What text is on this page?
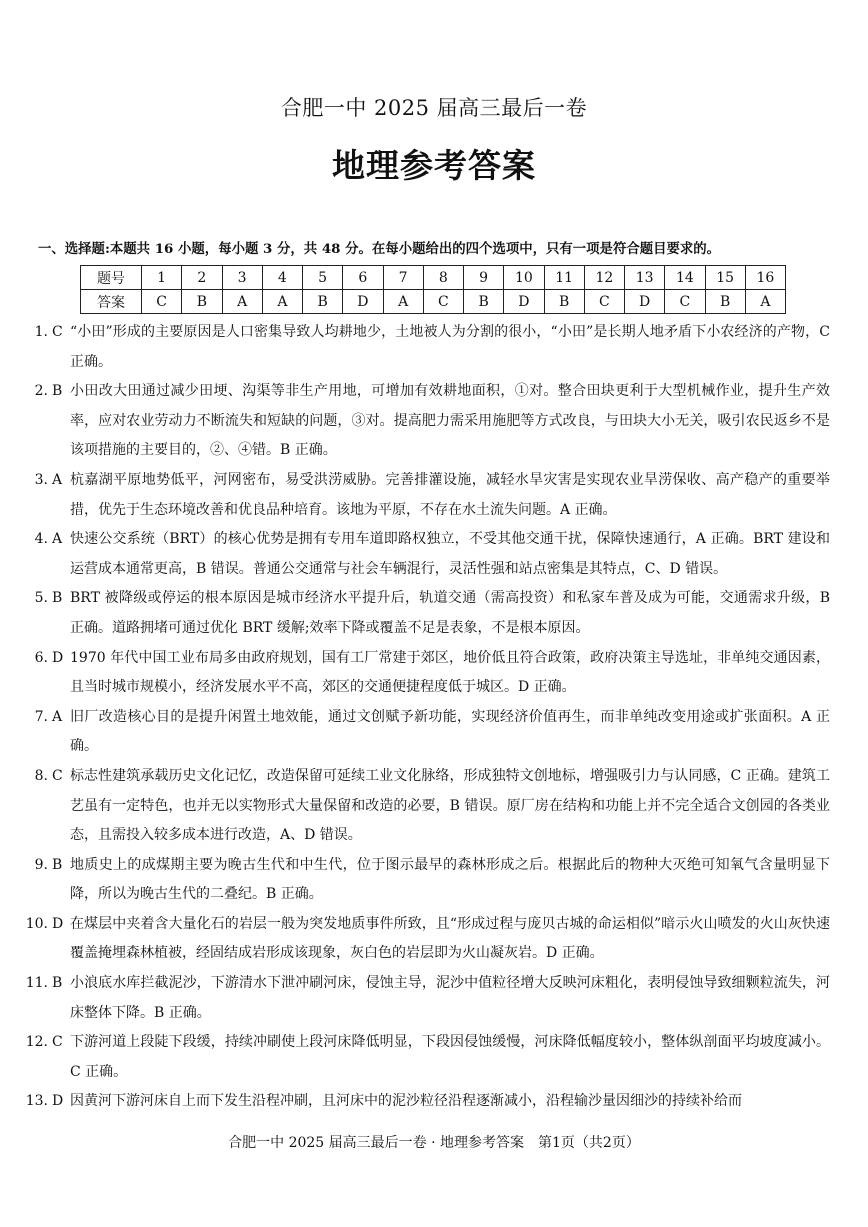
合肥一中 2025 届高三最后一卷
地理参考答案
一、选择题:本题共 16 小题，每小题 3 分，共 48 分。在每小题给出的四个选项中，只有一项是符合题目要求的。
题号	1	2	3	4	5	6	7	8	9	10	11	12	13	14	15	16
答案	C	B	A	A	B	D	A	C	B	D	B	C	D	C	B	A
1. C “小田”形成的主要原因是人口密集导致人均耕地少，土地被人为分割的很小，“小田”是长期人地矛盾下小农经济的产物，C 正确。
2. B 小田改大田通过减少田埂、沟渠等非生产用地，可增加有效耕地面积，①对。整合田块更利于大型机械作业，提升生产效率，应对农业劳动力不断流失和短缺的问题，③对。提高肥力需采用施肥等方式改良，与田块大小无关，吸引农民返乡不是该项措施的主要目的，②、④错。B 正确。
3. A 杭嘉湖平原地势低平，河网密布，易受洪涝威胁。完善排灌设施，减轻水旱灾害是实现农业旱涝保收、高产稳产的重要举措，优先于生态环境改善和优良品种培育。该地为平原，不存在水土流失问题。A 正确。
4. A 快速公交系统（BRT）的核心优势是拥有专用车道即路权独立，不受其他交通干扰，保障快速通行，A 正确。BRT 建设和运营成本通常更高，B 错误。普通公交通常与社会车辆混行，灵活性强和站点密集是其特点，C、D 错误。
5. B BRT 被降级或停运的根本原因是城市经济水平提升后，轨道交通（需高投资）和私家车普及成为可能，交通需求升级，B 正确。道路拥堵可通过优化 BRT 缓解;效率下降或覆盖不足是表象，不是根本原因。
6. D 1970 年代中国工业布局多由政府规划，国有工厂常建于郊区，地价低且符合政策，政府决策主导选址，非单纯交通因素，且当时城市规模小，经济发展水平不高，郊区的交通便捷程度低于城区。D 正确。
7. A 旧厂改造核心目的是提升闲置土地效能，通过文创赋予新功能，实现经济价值再生，而非单纯改变用途或扩张面积。A 正确。
8. C 标志性建筑承载历史文化记忆，改造保留可延续工业文化脉络，形成独特文创地标，增强吸引力与认同感，C 正确。建筑工艺虽有一定特色，也并无以实物形式大量保留和改造的必要，B 错误。原厂房在结构和功能上并不完全适合文创园的各类业态，且需投入较多成本进行改造，A、D 错误。
9. B 地质史上的成煤期主要为晚古生代和中生代，位于图示最早的森林形成之后。根据此后的物种大灭绝可知氧气含量明显下降，所以为晚古生代的二叠纪。B 正确。
10. D 在煤层中夹着含大量化石的岩层一般为突发地质事件所致，且“形成过程与庞贝古城的命运相似”暗示火山喷发的火山灰快速覆盖掩埋森林植被，经固结成岩形成该现象，灰白色的岩层即为火山凝灰岩。D 正确。
11. B 小浪底水库拦截泥沙，下游清水下泄冲刷河床，侵蚀主导，泥沙中值粒径增大反映河床粗化，表明侵蚀导致细颗粒流失，河床整体下降。B 正确。
12. C 下游河道上段陡下段缓，持续冲刷使上段河床降低明显，下段因侵蚀缓慢，河床降低幅度较小，整体纵剖面平均坡度减小。C 正确。
13. D 因黄河下游河床自上而下发生沿程冲刷，且河床中的泥沙粒径沿程逐渐减小，沿程输沙量因细沙的持续补给而
合肥一中 2025 届高三最后一卷 · 地理参考答案　第1页（共2页）
